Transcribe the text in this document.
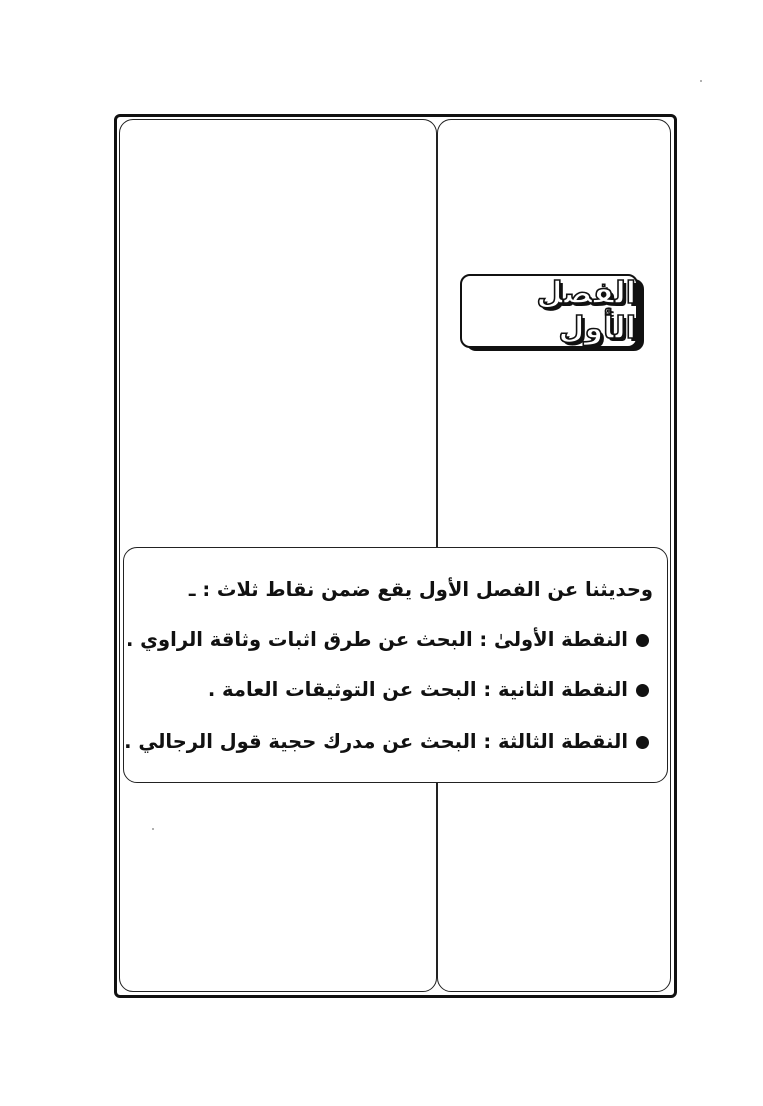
الفصل الأول
وحديثنا عن الفصل الأول يقع ضمن نقاط ثلاث : ـ
النقطة الأولىٰ : البحث عن طرق اثبات وثاقة الراوي .
النقطة الثانية : البحث عن التوثيقات العامة .
النقطة الثالثة : البحث عن مدرك حجية قول الرجالي .
